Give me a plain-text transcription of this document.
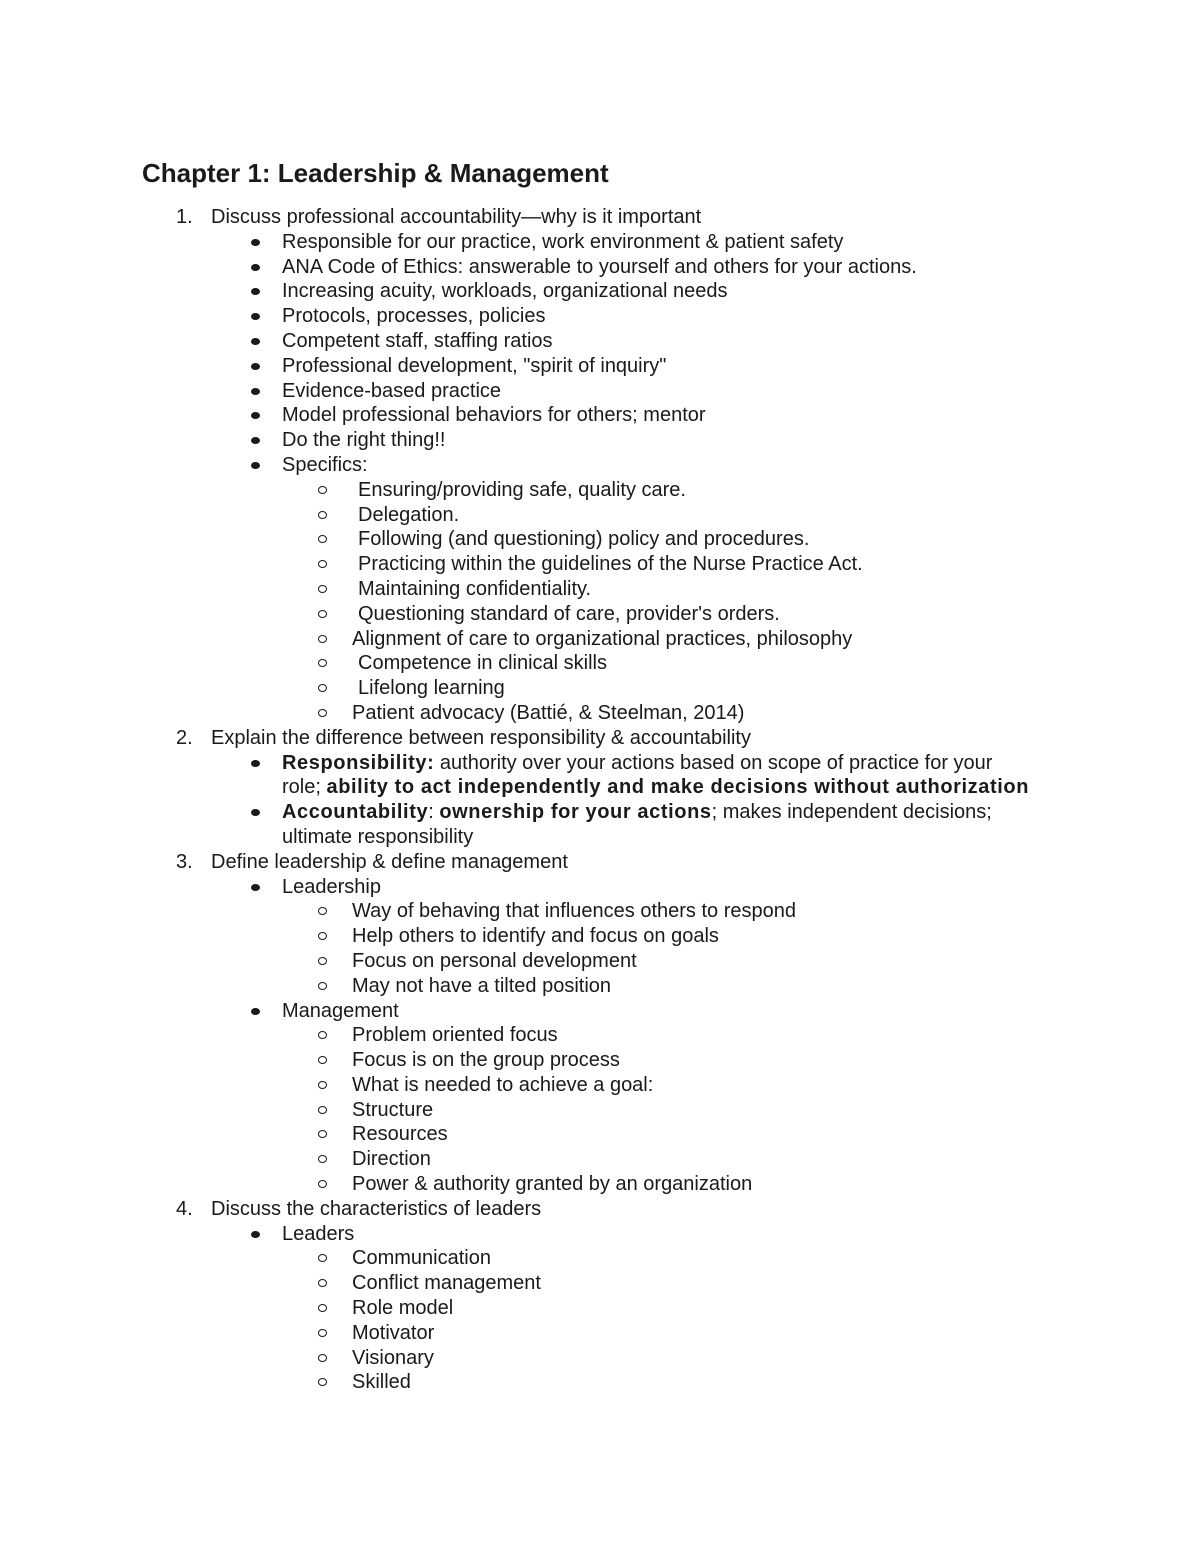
Chapter 1: Leadership & Management
1. Discuss professional accountability—why is it important
Responsible for our practice, work environment & patient safety
ANA Code of Ethics: answerable to yourself and others for your actions.
Increasing acuity, workloads, organizational needs
Protocols, processes, policies
Competent staff, staffing ratios
Professional development, "spirit of inquiry"
Evidence-based practice
Model professional behaviors for others; mentor
Do the right thing!!
Specifics:
Ensuring/providing safe, quality care.
Delegation.
Following (and questioning) policy and procedures.
Practicing within the guidelines of the Nurse Practice Act.
Maintaining confidentiality.
Questioning standard of care, provider's orders.
Alignment of care to organizational practices, philosophy
Competence in clinical skills
Lifelong learning
Patient advocacy (Battié, & Steelman, 2014)
2. Explain the difference between responsibility & accountability
Responsibility: authority over your actions based on scope of practice for your
role; ability to act independently and make decisions without authorization
Accountability: ownership for your actions; makes independent decisions;
ultimate responsibility
3. Define leadership & define management
Leadership
Way of behaving that influences others to respond
Help others to identify and focus on goals
Focus on personal development
May not have a tilted position
Management
Problem oriented focus
Focus is on the group process
What is needed to achieve a goal:
Structure
Resources
Direction
Power & authority granted by an organization
4. Discuss the characteristics of leaders
Leaders
Communication
Conflict management
Role model
Motivator
Visionary
Skilled
